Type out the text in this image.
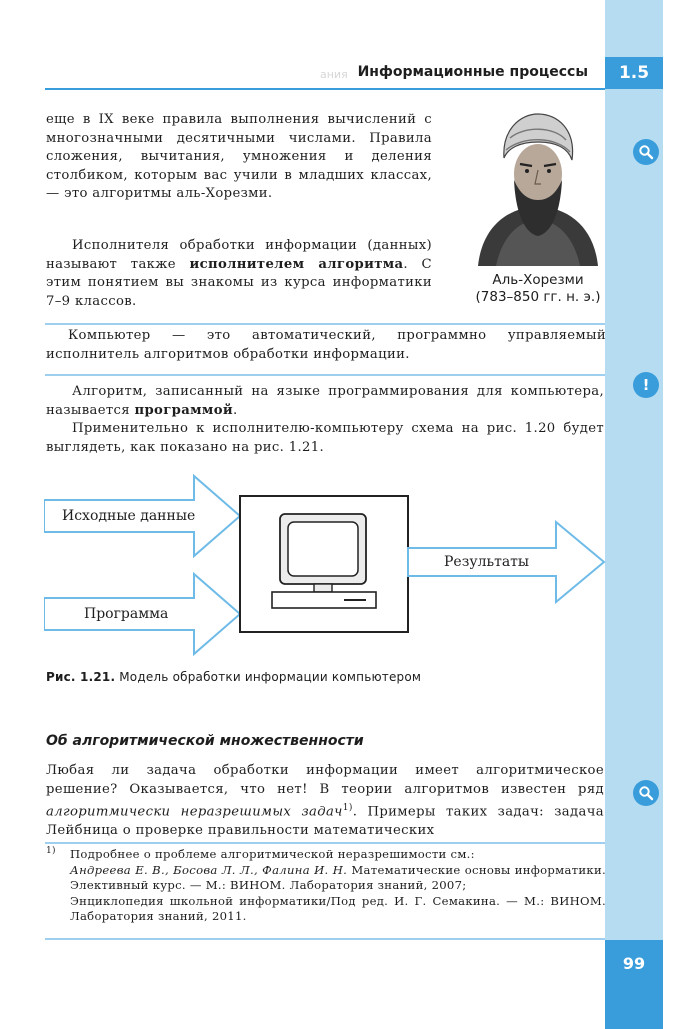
1.5
99
ания Информационные процессы
!

еще в IX веке правила выполнения вычислений с многозначными десятичными числами. Правила сложения, вычитания, умножения и деления столбиком, которым вас учили в младших классах, — это алгоритмы аль-Хорезми.

Исполнителя обработки информации (данных) называют также исполнителем алгоритма. С этим понятием вы знакомы из курса информатики 7–9 классов.

Аль-Хорезми
(783–850 гг. н. э.)

Компьютер — это автоматический, программно управляемый исполнитель алгоритмов обработки информации.

Алгоритм, записанный на языке программирования для компьютера, называется программой.
Применительно к исполнителю-компьютеру схема на рис. 1.20 будет выглядеть, как показано на рис. 1.21.
Исходные данные
Программа
Результаты
Рис. 1.21. Модель обработки информации компьютером
Об алгоритмической множественности

Любая ли задача обработки информации имеет алгоритмическое решение? Оказывается, что нет! В теории алгоритмов известен ряд алгоритмически неразрешимых задач$^{1)}$. Примеры таких задач: задача Лейбница о проверке правильности математических

1) Подробнее о проблеме алгоритмической неразрешимости см.:
Андреева Е. В., Босова Л. Л., Фалина И. Н. Математические основы информатики. Элективный курс. — М.: ВИНОМ. Лаборатория знаний, 2007;
Энциклопедия школьной информатики/Под ред. И. Г. Семакина. — М.: ВИНОМ. Лаборатория знаний, 2011.
